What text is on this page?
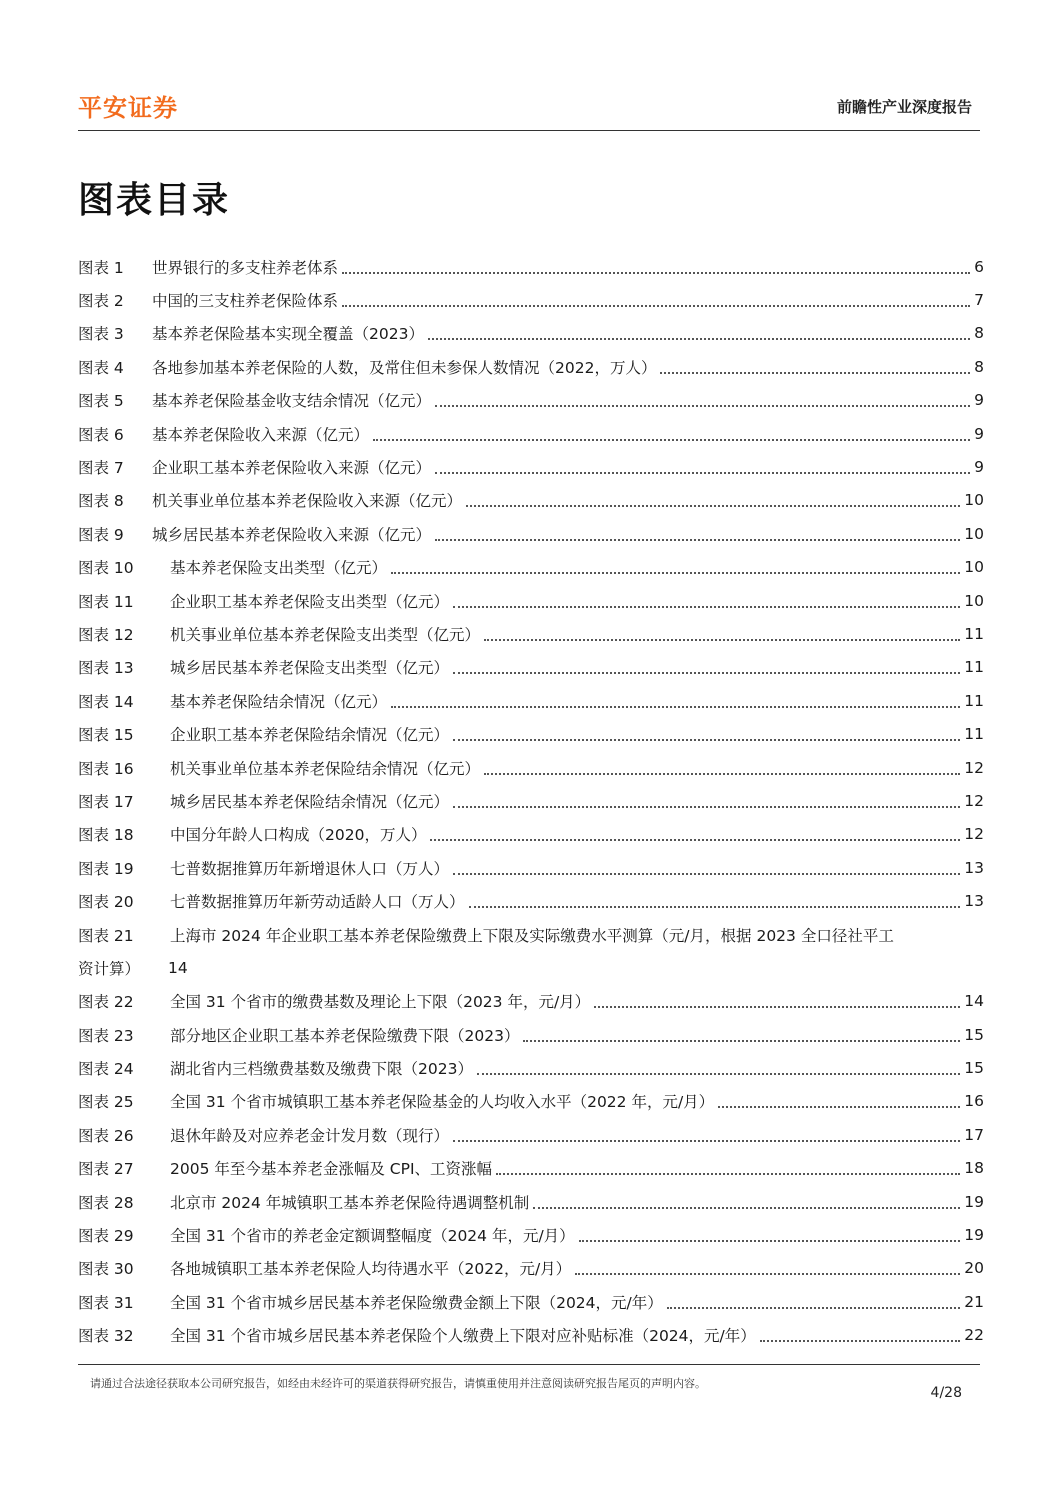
平安证券	前瞻性产业深度报告
图表目录
图表 1	世界银行的多支柱养老体系	6
图表 2	中国的三支柱养老保险体系	7
图表 3	基本养老保险基本实现全覆盖（2023）	8
图表 4	各地参加基本养老保险的人数，及常住但未参保人数情况（2022，万人）	8
图表 5	基本养老保险基金收支结余情况（亿元）	9
图表 6	基本养老保险收入来源（亿元）	9
图表 7	企业职工基本养老保险收入来源（亿元）	9
图表 8	机关事业单位基本养老保险收入来源（亿元）	10
图表 9	城乡居民基本养老保险收入来源（亿元）	10
图表 10	基本养老保险支出类型（亿元）	10
图表 11	企业职工基本养老保险支出类型（亿元）	10
图表 12	机关事业单位基本养老保险支出类型（亿元）	11
图表 13	城乡居民基本养老保险支出类型（亿元）	11
图表 14	基本养老保险结余情况（亿元）	11
图表 15	企业职工基本养老保险结余情况（亿元）	11
图表 16	机关事业单位基本养老保险结余情况（亿元）	12
图表 17	城乡居民基本养老保险结余情况（亿元）	12
图表 18	中国分年龄人口构成（2020，万人）	12
图表 19	七普数据推算历年新增退休人口（万人）	13
图表 20	七普数据推算历年新劳动适龄人口（万人）	13
图表 21	上海市 2024 年企业职工基本养老保险缴费上下限及实际缴费水平测算（元/月，根据 2023 全口径社平工
资计算） 14
图表 22	全国 31 个省市的缴费基数及理论上下限（2023 年，元/月）	14
图表 23	部分地区企业职工基本养老保险缴费下限（2023）	15
图表 24	湖北省内三档缴费基数及缴费下限（2023）	15
图表 25	全国 31 个省市城镇职工基本养老保险基金的人均收入水平（2022 年，元/月）	16
图表 26	退休年龄及对应养老金计发月数（现行）	17
图表 27	2005 年至今基本养老金涨幅及 CPI、工资涨幅	18
图表 28	北京市 2024 年城镇职工基本养老保险待遇调整机制	19
图表 29	全国 31 个省市的养老金定额调整幅度（2024 年，元/月）	19
图表 30	各地城镇职工基本养老保险人均待遇水平（2022，元/月）	20
图表 31	全国 31 个省市城乡居民基本养老保险缴费金额上下限（2024，元/年）	21
图表 32	全国 31 个省市城乡居民基本养老保险个人缴费上下限对应补贴标准（2024，元/年）	22
请通过合法途径获取本公司研究报告，如经由未经许可的渠道获得研究报告，请慎重使用并注意阅读研究报告尾页的声明内容。
4/28
